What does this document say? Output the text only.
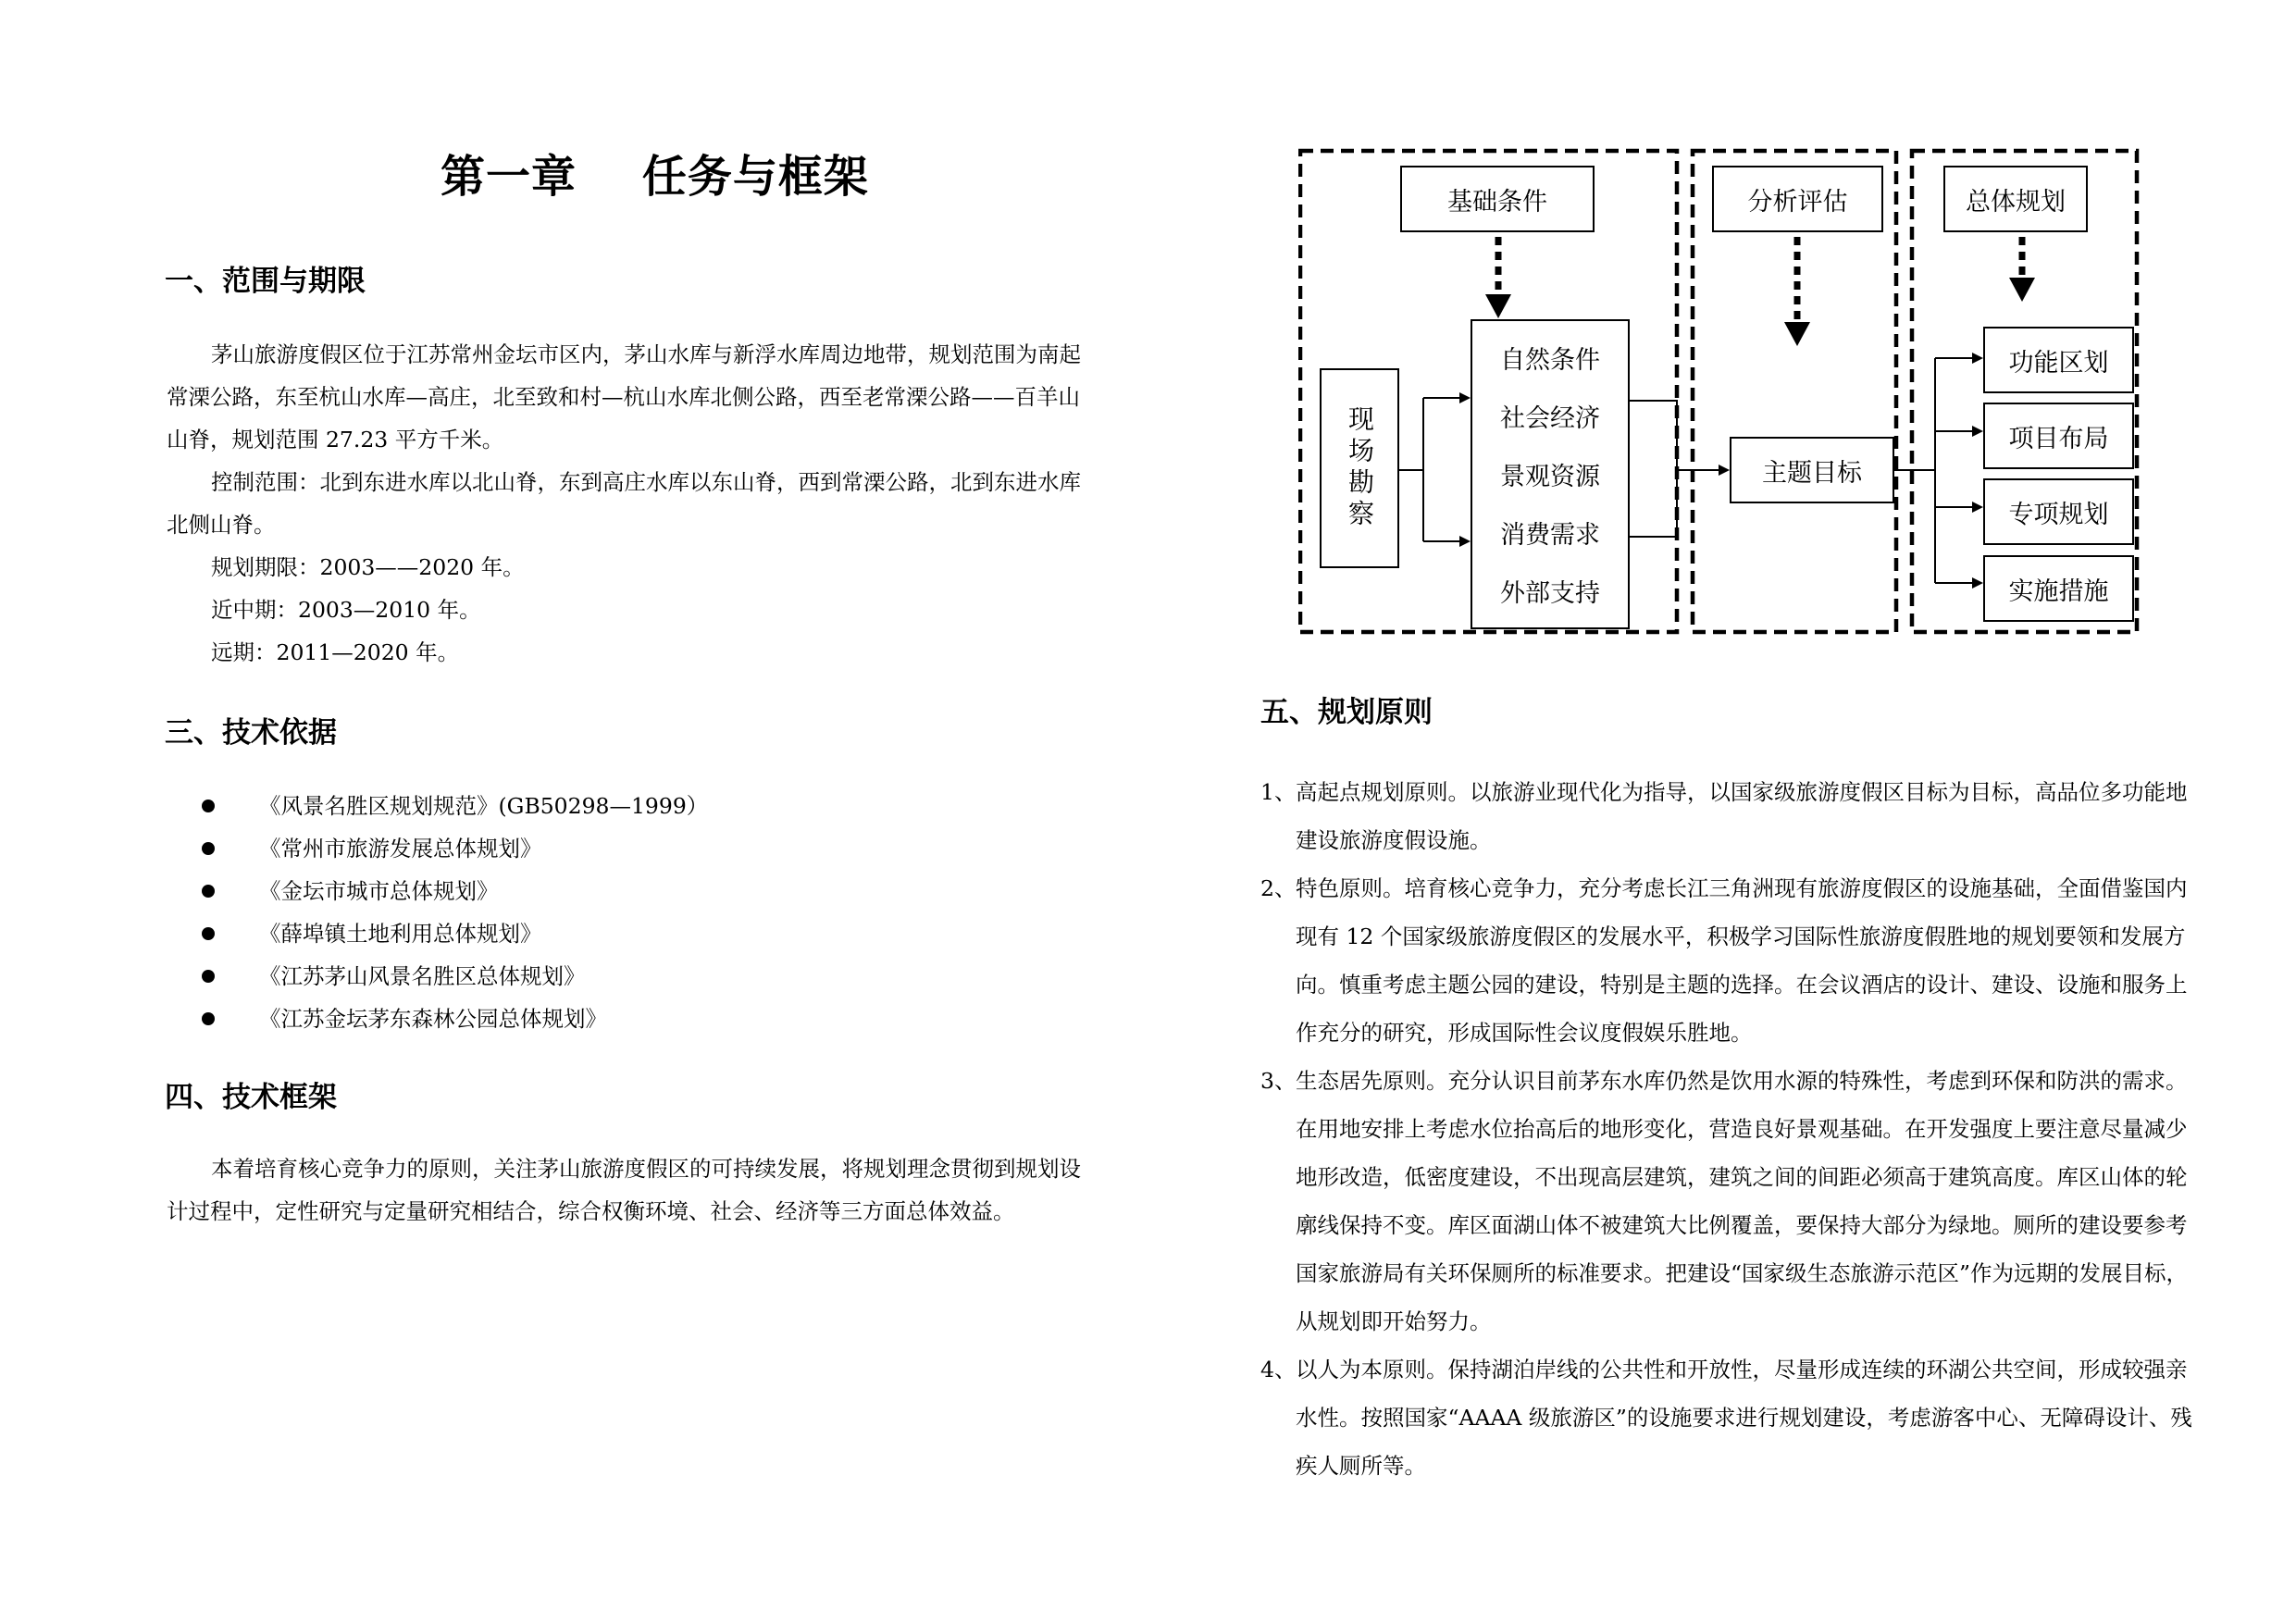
第一章    任务与框架
一、范围与期限

茅山旅游度假区位于江苏常州金坛市区内，茅山水库与新浮水库周边地带，规划范围为南起常溧公路，东至杭山水库—高庄，北至致和村—杭山水库北侧公路，西至老常溧公路——百羊山山脊，规划范围 27.23 平方千米。

控制范围：北到东进水库以北山脊，东到高庄水库以东山脊，西到常溧公路，北到东进水库北侧山脊。

规划期限：2003——2020 年。

近中期：2003—2010 年。

远期：2011—2020 年。

三、技术依据
《风景名胜区规划规范》(GB50298—1999）
《常州市旅游发展总体规划》
《金坛市城市总体规划》
《薛埠镇土地利用总体规划》
《江苏茅山风景名胜区总体规划》
《江苏金坛茅东森林公园总体规划》
四、技术框架

本着培育核心竞争力的原则，关注茅山旅游度假区的可持续发展，将规划理念贯彻到规划设计过程中，定性研究与定量研究相结合，综合权衡环境、社会、经济等三方面总体效益。

基础条件	分析评估	总体规划
现场勘察
自然条件
社会经济
景观资源
消费需求
外部支持
主题目标
功能区划
项目布局
专项规划
实施措施
五、规划原则
1、 高起点规划原则。以旅游业现代化为指导，以国家级旅游度假区目标为目标，高品位多功能地建设旅游度假设施。
2、 特色原则。培育核心竞争力，充分考虑长江三角洲现有旅游度假区的设施基础，全面借鉴国内现有 12 个国家级旅游度假区的发展水平，积极学习国际性旅游度假胜地的规划要领和发展方向。慎重考虑主题公园的建设，特别是主题的选择。在会议酒店的设计、建设、设施和服务上作充分的研究，形成国际性会议度假娱乐胜地。
3、 生态居先原则。充分认识目前茅东水库仍然是饮用水源的特殊性，考虑到环保和防洪的需求。在用地安排上考虑水位抬高后的地形变化，营造良好景观基础。在开发强度上要注意尽量减少地形改造，低密度建设，不出现高层建筑，建筑之间的间距必须高于建筑高度。库区山体的轮廓线保持不变。库区面湖山体不被建筑大比例覆盖，要保持大部分为绿地。厕所的建设要参考国家旅游局有关环保厕所的标准要求。把建设“国家级生态旅游示范区”作为远期的发展目标，从规划即开始努力。
4、 以人为本原则。保持湖泊岸线的公共性和开放性，尽量形成连续的环湖公共空间，形成较强亲水性。按照国家“AAAA 级旅游区”的设施要求进行规划建设，考虑游客中心、无障碍设计、残疾人厕所等。
